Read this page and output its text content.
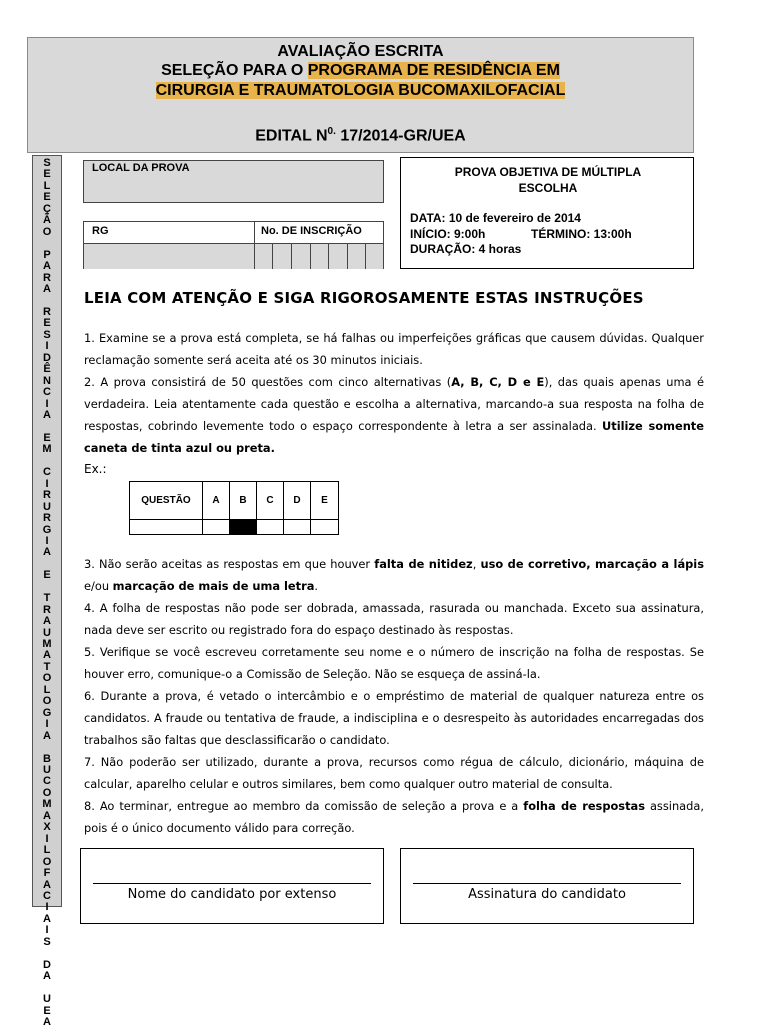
AVALIAÇÃO ESCRITA
SELEÇÃO PARA O PROGRAMA DE RESIDÊNCIA EM
CIRURGIA E TRAUMATOLOGIA BUCOMAXILOFACIAL
EDITAL $N^{0.}$ 17/2014-GR/UEA
S
E
L
E
Ç
Ã
O

P
A
R
A

R
E
S
I
D
Ê
N
C
I
A

E
M

C
I
R
U
R
G
I
A

E

T
R
A
U
M
A
T
O
L
O
G
I
A

B
U
C
O
M
A
X
I
L
O
F
A
C
I
A
I
S

D
A

U
E
A
LOCAL DA PROVA
RG	No. DE INSCRIÇÃO
PROVA OBJETIVA DE MÚLTIPLA ESCOLHA
DATA: 10 de fevereiro de 2014
INÍCIO: 9:00h	TÉRMINO: 13:00h
DURAÇÃO: 4 horas
LEIA COM ATENÇÃO E SIGA RIGOROSAMENTE ESTAS INSTRUÇÕES
1. Examine se a prova está completa, se há falhas ou imperfeições gráficas que causem dúvidas. Qualquer reclamação somente será aceita até os 30 minutos iniciais.
2. A prova consistirá de 50 questões com cinco alternativas (A, B, C, D e E), das quais apenas uma é verdadeira. Leia atentamente cada questão e escolha a alternativa, marcando-a sua resposta na folha de respostas, cobrindo levemente todo o espaço correspondente à letra a ser assinalada. Utilize somente caneta de tinta azul ou preta.
Ex.:
QUESTÃO	A	B	C	D	E
3. Não serão aceitas as respostas em que houver falta de nitidez, uso de corretivo, marcação a lápis e/ou marcação de mais de uma letra.
4. A folha de respostas não pode ser dobrada, amassada, rasurada ou manchada. Exceto sua assinatura, nada deve ser escrito ou registrado fora do espaço destinado às respostas.
5. Verifique se você escreveu corretamente seu nome e o número de inscrição na folha de respostas. Se houver erro, comunique-o a Comissão de Seleção. Não se esqueça de assiná-la.
6. Durante a prova, é vetado o intercâmbio e o empréstimo de material de qualquer natureza entre os candidatos. A fraude ou tentativa de fraude, a indisciplina e o desrespeito às autoridades encarregadas dos trabalhos são faltas que desclassificarão o candidato.
7. Não poderão ser utilizado, durante a prova, recursos como régua de cálculo, dicionário, máquina de calcular, aparelho celular e outros similares, bem como qualquer outro material de consulta.
8. Ao terminar, entregue ao membro da comissão de seleção a prova e a folha de respostas assinada, pois é o único documento válido para correção.
Nome do candidato por extenso	Assinatura do candidato
